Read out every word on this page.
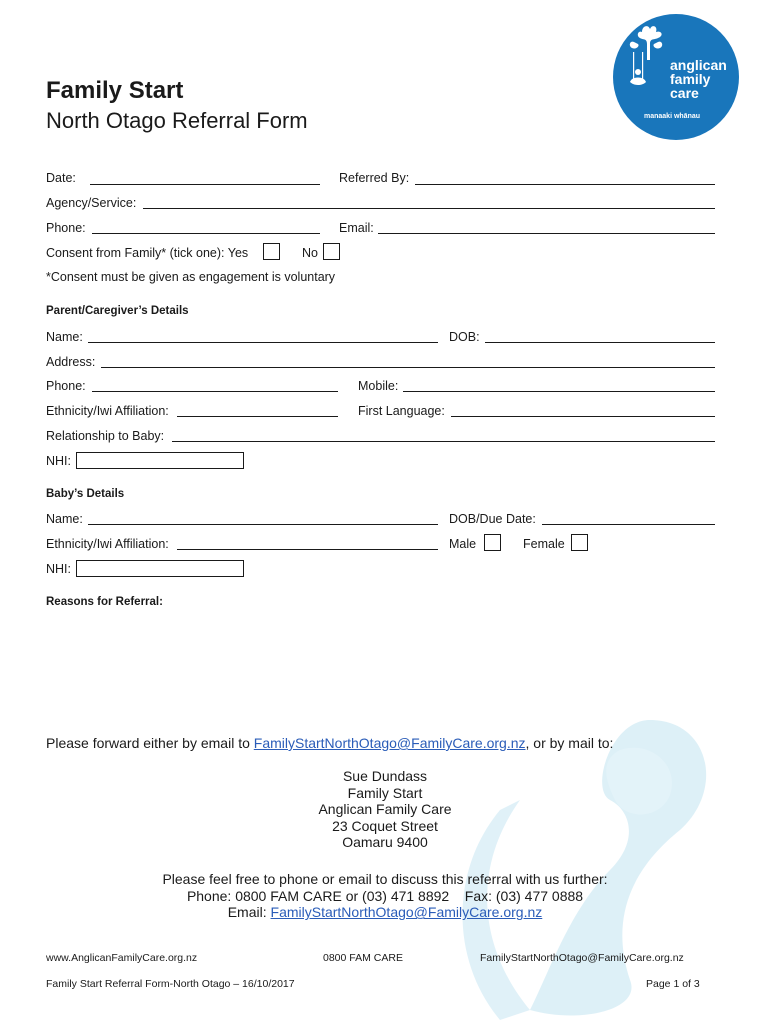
anglican
family
care
manaaki whānau
Family Start
North Otago Referral Form
Date:	Referred By:
Agency/Service:
Phone:	Email:
Consent from Family* (tick one): Yes	No
*Consent must be given as engagement is voluntary
Parent/Caregiver’s Details
Name:	DOB:
Address:
Phone:	Mobile:
Ethnicity/Iwi Affiliation:	First Language:
Relationship to Baby:
NHI:
Baby’s Details
Name:	DOB/Due Date:
Ethnicity/Iwi Affiliation:	Male	Female
NHI:
Reasons for Referral:
Please forward either by email to FamilyStartNorthOtago@FamilyCare.org.nz, or by mail to:
Sue Dundass
Family Start
Anglican Family Care
23 Coquet Street
Oamaru 9400
Please feel free to phone or email to discuss this referral with us further:
Phone: 0800 FAM CARE or (03) 471 8892    Fax: (03) 477 0888
Email: FamilyStartNorthOtago@FamilyCare.org.nz
www.AnglicanFamilyCare.org.nz	0800 FAM CARE	FamilyStartNorthOtago@FamilyCare.org.nz
Family Start Referral Form-North Otago – 16/10/2017	Page 1 of 3
